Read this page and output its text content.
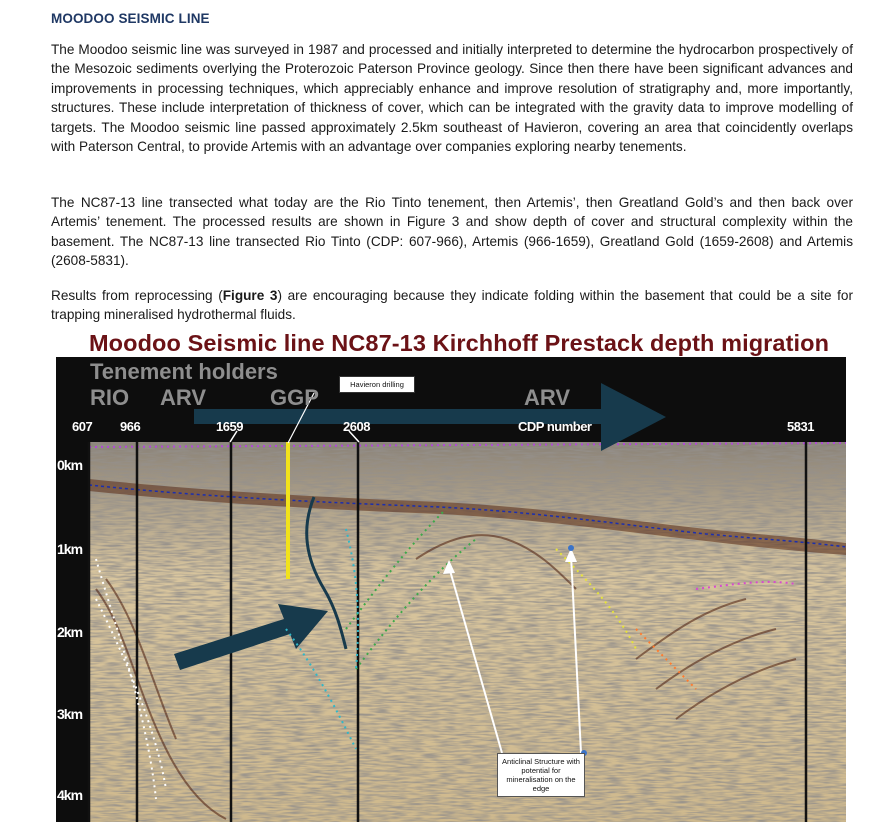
MOODOO SEISMIC LINE

The Moodoo seismic line was surveyed in 1987 and processed and initially interpreted to determine the hydrocarbon prospectively of the Mesozoic sediments overlying the Proterozoic Paterson Province geology. Since then there have been significant advances and improvements in processing techniques, which appreciably enhance and improve resolution of stratigraphy and, more importantly, structures. These include interpretation of thickness of cover, which can be integrated with the gravity data to improve modelling of targets. The Moodoo seismic line passed approximately 2.5km southeast of Havieron, covering an area that coincidently overlaps with Paterson Central, to provide Artemis with an advantage over companies exploring nearby tenements.

The NC87-13 line transected what today are the Rio Tinto tenement, then Artemis’, then Greatland Gold’s and then back over Artemis’ tenement. The processed results are shown in Figure 3 and show depth of cover and structural complexity within the basement. The NC87-13 line transected Rio Tinto (CDP: 607-966), Artemis (966-1659), Greatland Gold (1659-2608) and Artemis (2608-5831).

Results from reprocessing (Figure 3) are encouraging because they indicate folding within the basement that could be a site for trapping mineralised hydrothermal fluids.

Moodoo Seismic line NC87-13 Kirchhoff Prestack depth migration
Tenement holders
RIO ARV	GGP	ARV
607 966	1659	2608	CDP number	5831
Havieron drilling
0km
1km
2km
3km
4km
Anticlinal Structure with potential for mineralisation on the edge
